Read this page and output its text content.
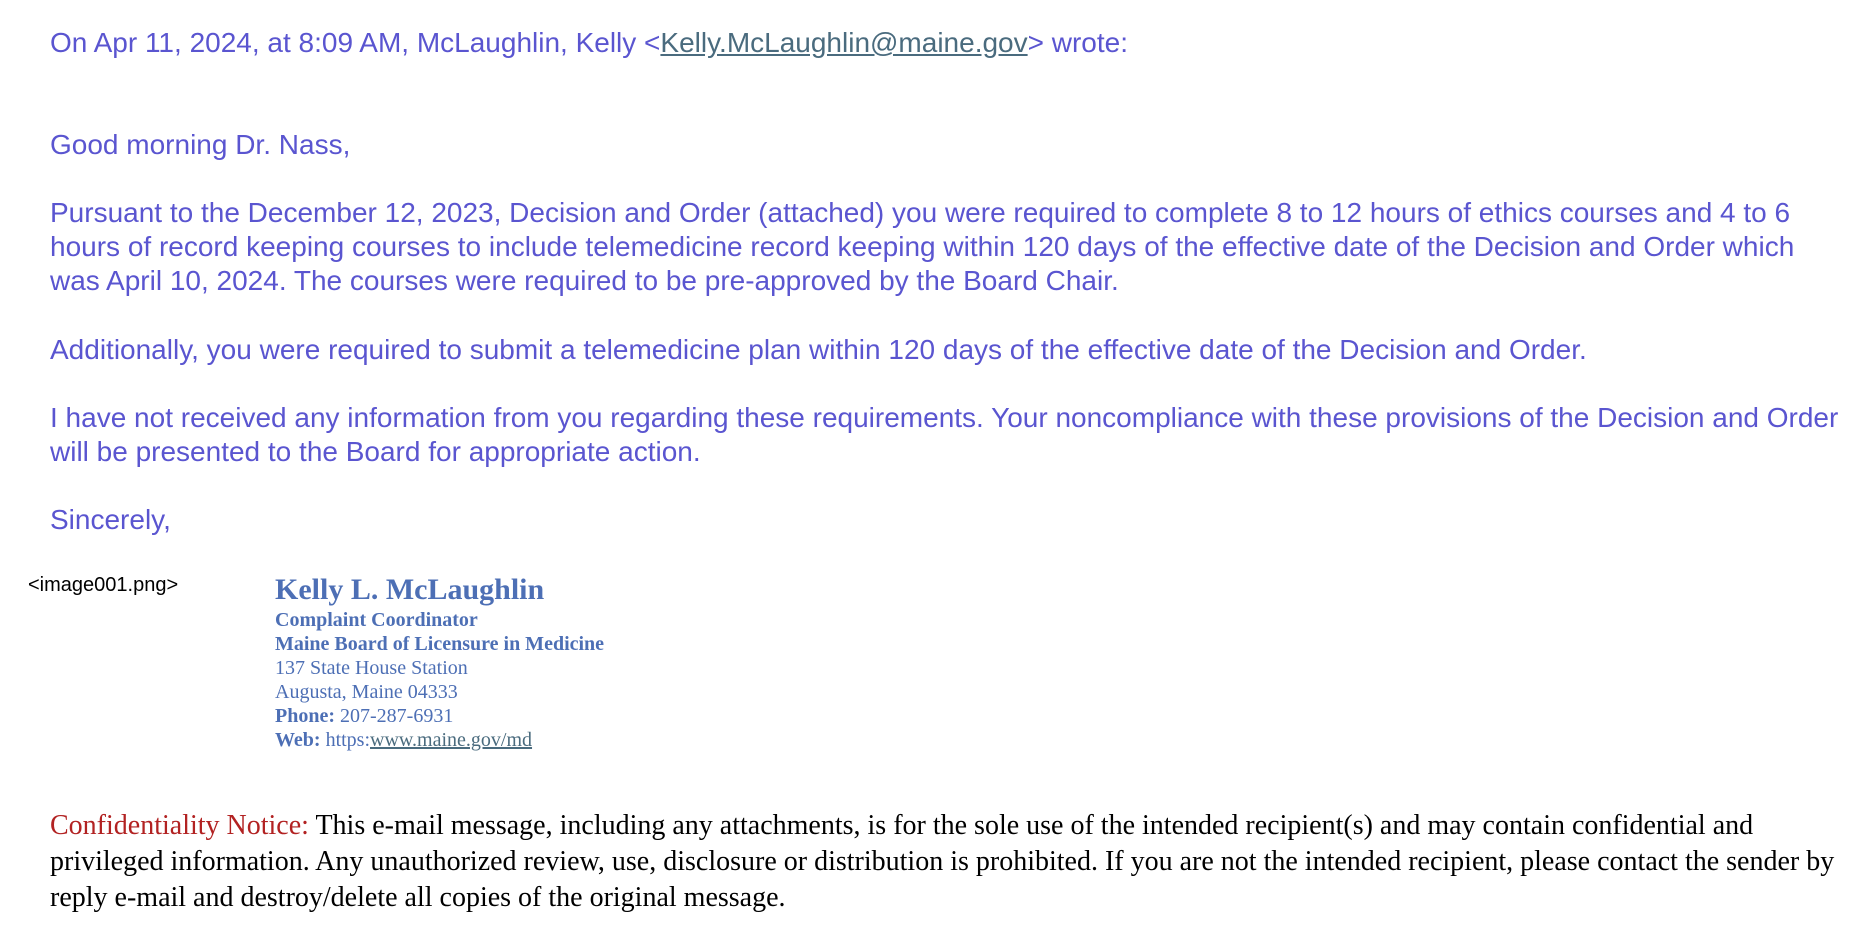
On Apr 11, 2024, at 8:09 AM, McLaughlin, Kelly <Kelly.McLaughlin@maine.gov> wrote:
Good morning Dr. Nass,
Pursuant to the December 12, 2023, Decision and Order (attached) you were required to complete 8 to 12 hours of ethics courses and 4 to 6 hours of record keeping courses to include telemedicine record keeping within 120 days of the effective date of the Decision and Order which was April 10, 2024. The courses were required to be pre-approved by the Board Chair.
Additionally, you were required to submit a telemedicine plan within 120 days of the effective date of the Decision and Order.
I have not received any information from you regarding these requirements. Your noncompliance with these provisions of the Decision and Order will be presented to the Board for appropriate action.
Sincerely,
<image001.png>	Kelly L. McLaughlin
Complaint Coordinator
Maine Board of Licensure in Medicine
137 State House Station
Augusta, Maine 04333
Phone: 207-287-6931
Web: https:www.maine.gov/md
Confidentiality Notice: This e-mail message, including any attachments, is for the sole use of the intended recipient(s) and may contain confidential and privileged information. Any unauthorized review, use, disclosure or distribution is prohibited. If you are not the intended recipient, please contact the sender by reply e-mail and destroy/delete all copies of the original message.
